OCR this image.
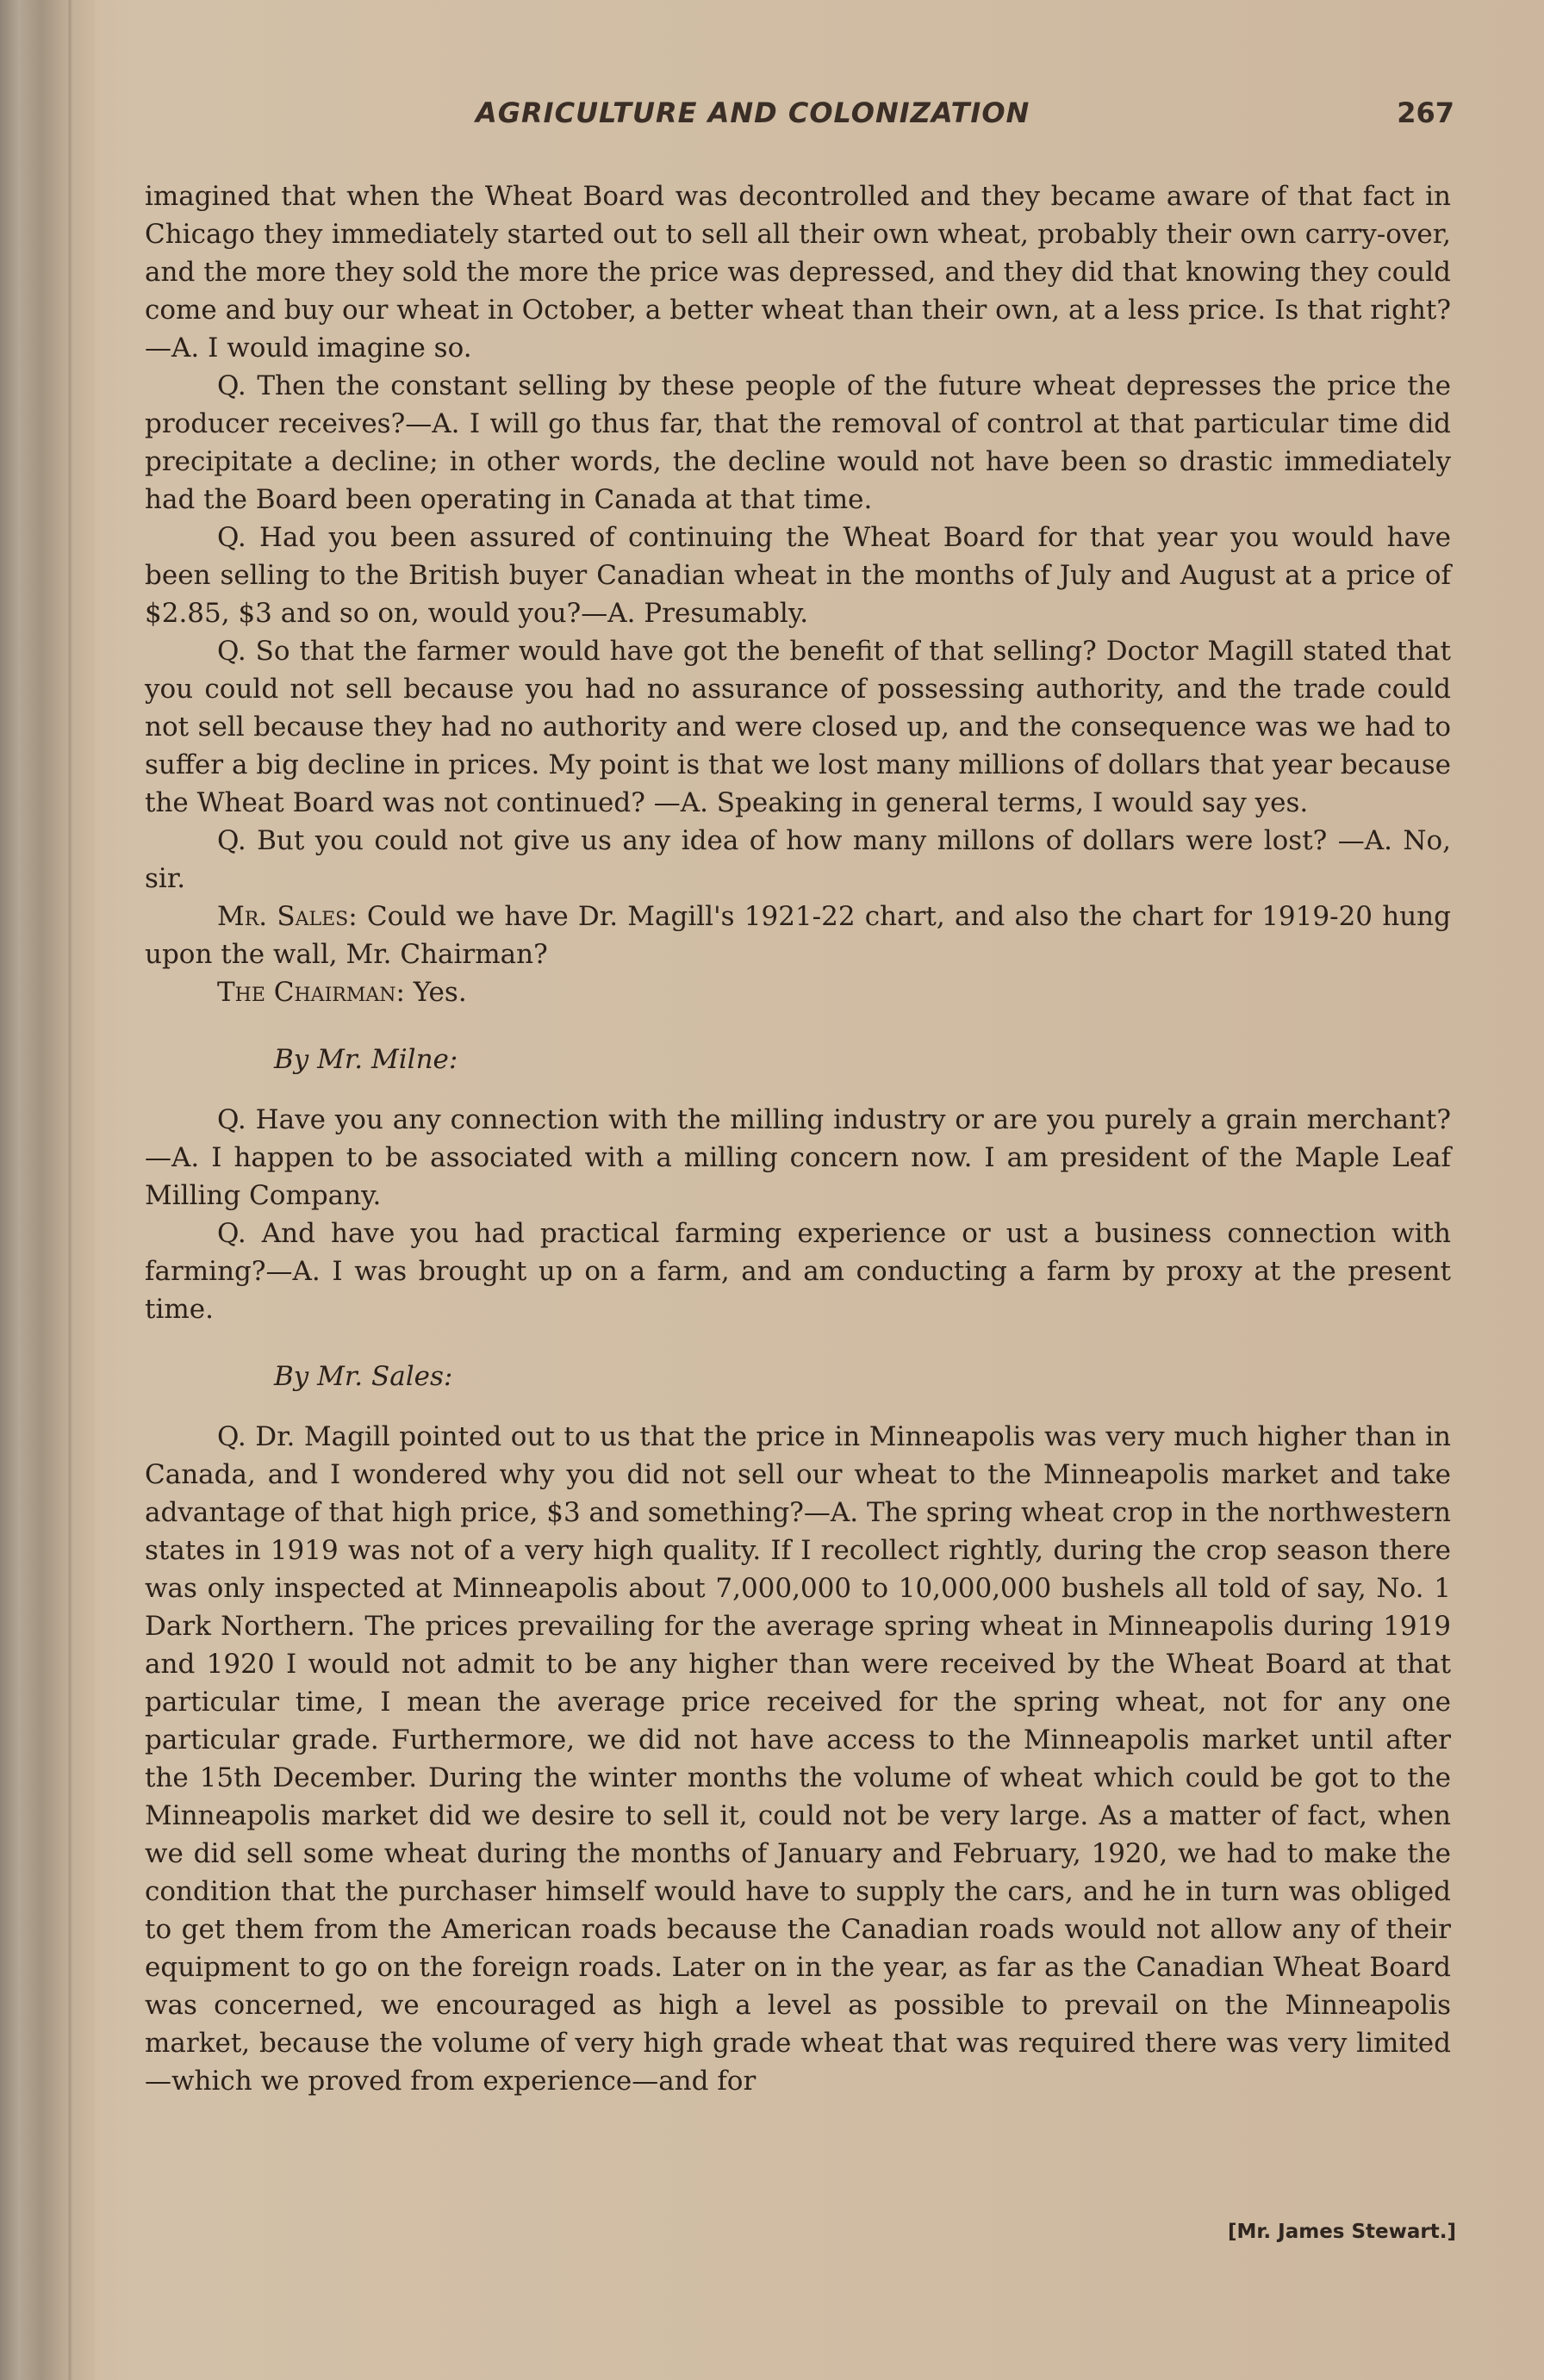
AGRICULTURE AND COLONIZATION	267

imagined that when the Wheat Board was decontrolled and they became aware of that fact in Chicago they immediately started out to sell all their own wheat, probably their own carry-over, and the more they sold the more the price was depressed, and they did that knowing they could come and buy our wheat in October, a better wheat than their own, at a less price. Is that right?—A. I would imagine so.

Q. Then the constant selling by these people of the future wheat depresses the price the producer receives?—A. I will go thus far, that the removal of control at that particular time did precipitate a decline; in other words, the decline would not have been so drastic immediately had the Board been operating in Canada at that time.

Q. Had you been assured of continuing the Wheat Board for that year you would have been selling to the British buyer Canadian wheat in the months of July and August at a price of $2.85, $3 and so on, would you?—A. Presumably.

Q. So that the farmer would have got the benefit of that selling? Doctor Magill stated that you could not sell because you had no assurance of possessing authority, and the trade could not sell because they had no authority and were closed up, and the consequence was we had to suffer a big decline in prices. My point is that we lost many millions of dollars that year because the Wheat Board was not continued? —A. Speaking in general terms, I would say yes.

Q. But you could not give us any idea of how many millons of dollars were lost? —A. No, sir.

Mr. Sales: Could we have Dr. Magill's 1921-22 chart, and also the chart for 1919-20 hung upon the wall, Mr. Chairman?

The Chairman: Yes.

By Mr. Milne:

Q. Have you any connection with the milling industry or are you purely a grain merchant?—A. I happen to be associated with a milling concern now. I am president of the Maple Leaf Milling Company.

Q. And have you had practical farming experience or ust a business connection with farming?—A. I was brought up on a farm, and am conducting a farm by proxy at the present time.

By Mr. Sales:

Q. Dr. Magill pointed out to us that the price in Minneapolis was very much higher than in Canada, and I wondered why you did not sell our wheat to the Minneapolis market and take advantage of that high price, $3 and something?—A. The spring wheat crop in the northwestern states in 1919 was not of a very high quality. If I recollect rightly, during the crop season there was only inspected at Minneapolis about 7,000,000 to 10,000,000 bushels all told of say, No. 1 Dark Northern. The prices prevailing for the average spring wheat in Minneapolis during 1919 and 1920 I would not admit to be any higher than were received by the Wheat Board at that particular time, I mean the average price received for the spring wheat, not for any one particular grade. Furthermore, we did not have access to the Minneapolis market until after the 15th December. During the winter months the volume of wheat which could be got to the Minneapolis market did we desire to sell it, could not be very large. As a matter of fact, when we did sell some wheat during the months of January and February, 1920, we had to make the condition that the purchaser himself would have to supply the cars, and he in turn was obliged to get them from the American roads because the Canadian roads would not allow any of their equipment to go on the foreign roads. Later on in the year, as far as the Canadian Wheat Board was concerned, we encouraged as high a level as possible to prevail on the Minneapolis market, because the volume of very high grade wheat that was required there was very limited—which we proved from experience—and for

[Mr. James Stewart.]
